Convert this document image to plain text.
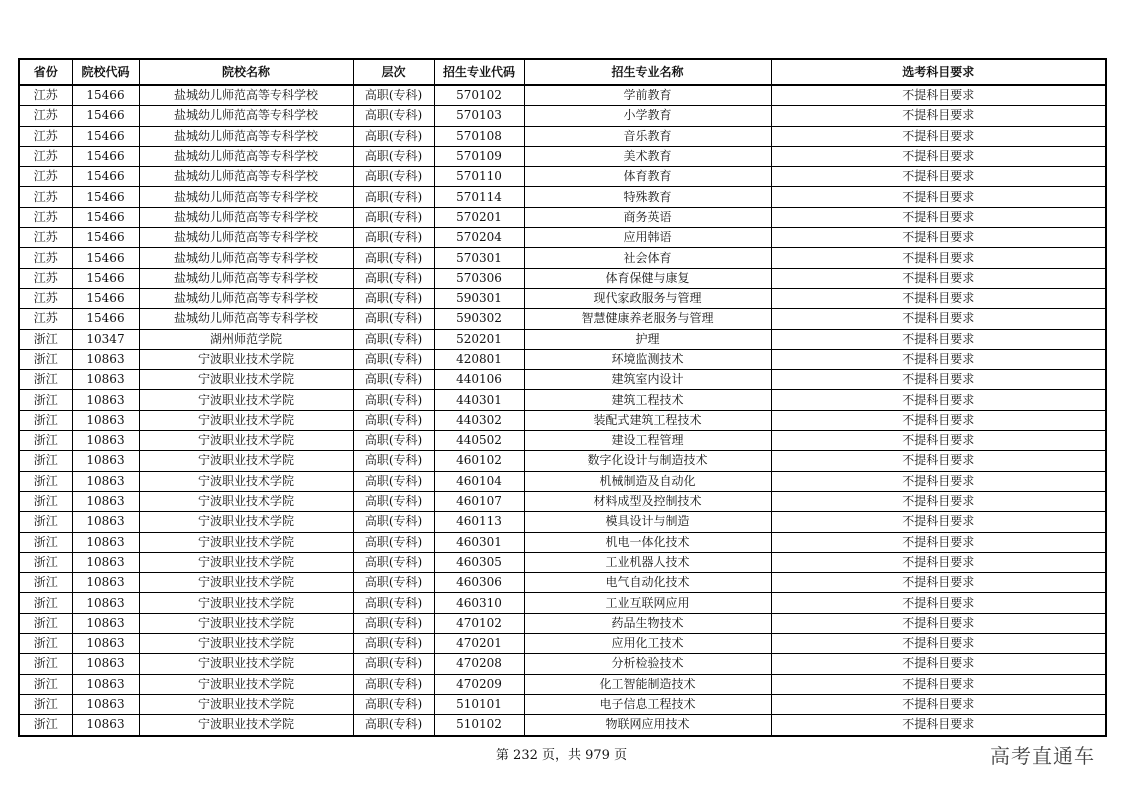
省份	院校代码	院校名称	层次	招生专业代码	招生专业名称	选考科目要求
江苏	15466	盐城幼儿师范高等专科学校	高职(专科)	570102	学前教育	不提科目要求
江苏	15466	盐城幼儿师范高等专科学校	高职(专科)	570103	小学教育	不提科目要求
江苏	15466	盐城幼儿师范高等专科学校	高职(专科)	570108	音乐教育	不提科目要求
江苏	15466	盐城幼儿师范高等专科学校	高职(专科)	570109	美术教育	不提科目要求
江苏	15466	盐城幼儿师范高等专科学校	高职(专科)	570110	体育教育	不提科目要求
江苏	15466	盐城幼儿师范高等专科学校	高职(专科)	570114	特殊教育	不提科目要求
江苏	15466	盐城幼儿师范高等专科学校	高职(专科)	570201	商务英语	不提科目要求
江苏	15466	盐城幼儿师范高等专科学校	高职(专科)	570204	应用韩语	不提科目要求
江苏	15466	盐城幼儿师范高等专科学校	高职(专科)	570301	社会体育	不提科目要求
江苏	15466	盐城幼儿师范高等专科学校	高职(专科)	570306	体育保健与康复	不提科目要求
江苏	15466	盐城幼儿师范高等专科学校	高职(专科)	590301	现代家政服务与管理	不提科目要求
江苏	15466	盐城幼儿师范高等专科学校	高职(专科)	590302	智慧健康养老服务与管理	不提科目要求
浙江	10347	湖州师范学院	高职(专科)	520201	护理	不提科目要求
浙江	10863	宁波职业技术学院	高职(专科)	420801	环境监测技术	不提科目要求
浙江	10863	宁波职业技术学院	高职(专科)	440106	建筑室内设计	不提科目要求
浙江	10863	宁波职业技术学院	高职(专科)	440301	建筑工程技术	不提科目要求
浙江	10863	宁波职业技术学院	高职(专科)	440302	装配式建筑工程技术	不提科目要求
浙江	10863	宁波职业技术学院	高职(专科)	440502	建设工程管理	不提科目要求
浙江	10863	宁波职业技术学院	高职(专科)	460102	数字化设计与制造技术	不提科目要求
浙江	10863	宁波职业技术学院	高职(专科)	460104	机械制造及自动化	不提科目要求
浙江	10863	宁波职业技术学院	高职(专科)	460107	材料成型及控制技术	不提科目要求
浙江	10863	宁波职业技术学院	高职(专科)	460113	模具设计与制造	不提科目要求
浙江	10863	宁波职业技术学院	高职(专科)	460301	机电一体化技术	不提科目要求
浙江	10863	宁波职业技术学院	高职(专科)	460305	工业机器人技术	不提科目要求
浙江	10863	宁波职业技术学院	高职(专科)	460306	电气自动化技术	不提科目要求
浙江	10863	宁波职业技术学院	高职(专科)	460310	工业互联网应用	不提科目要求
浙江	10863	宁波职业技术学院	高职(专科)	470102	药品生物技术	不提科目要求
浙江	10863	宁波职业技术学院	高职(专科)	470201	应用化工技术	不提科目要求
浙江	10863	宁波职业技术学院	高职(专科)	470208	分析检验技术	不提科目要求
浙江	10863	宁波职业技术学院	高职(专科)	470209	化工智能制造技术	不提科目要求
浙江	10863	宁波职业技术学院	高职(专科)	510101	电子信息工程技术	不提科目要求
浙江	10863	宁波职业技术学院	高职(专科)	510102	物联网应用技术	不提科目要求
第 232 页，共 979 页	高考直通车
